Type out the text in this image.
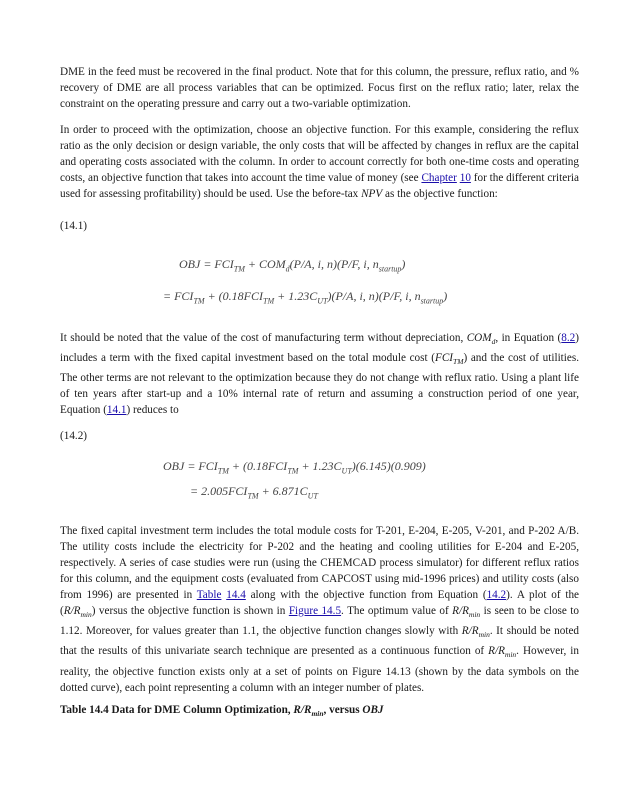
DME in the feed must be recovered in the final product. Note that for this column, the pressure, reflux ratio, and % recovery of DME are all process variables that can be optimized. Focus first on the reflux ratio; later, relax the constraint on the operating pressure and carry out a two-variable optimization.

In order to proceed with the optimization, choose an objective function. For this example, considering the reflux ratio as the only decision or design variable, the only costs that will be affected by changes in reflux are the capital and operating costs associated with the column. In order to account correctly for both one-time costs and operating costs, an objective function that takes into account the time value of money (see Chapter 10 for the different criteria used for assessing profitability) should be used. Use the before-tax NPV as the objective function:

(14.1)
OBJ = $FCI_{TM} + COM_d(P/A$, i, n)(P/F, i, $n_{startup}$)
= $FCI_{TM} + (0.18FCI_{TM} + 1.23C_{UT})(P/A$, i, n)(P/F, i, $n_{startup}$)

It should be noted that the value of the cost of manufacturing term without depreciation, $COM_d$, in Equation (8.2) includes a term with the fixed capital investment based on the total module cost $(FCI_{TM})$ and the cost of utilities. The other terms are not relevant to the optimization because they do not change with reflux ratio. Using a plant life of ten years after start-up and a 10% internal rate of return and assuming a construction period of one year, Equation (14.1) reduces to

(14.2)
OBJ = $FCI_{TM} + (0.18FCI_{TM} + 1.23C_{UT})(6.145)(0.909)$
= $2.005FCI_{TM} + 6.871C_{UT}$

The fixed capital investment term includes the total module costs for T-201, E-204, E-205, V-201, and P-202 A/B. The utility costs include the electricity for P-202 and the heating and cooling utilities for E-204 and E-205, respectively. A series of case studies were run (using the CHEMCAD process simulator) for different reflux ratios for this column, and the equipment costs (evaluated from CAPCOST using mid-1996 prices) and utility costs (also from 1996) are presented in Table 14.4 along with the objective function from Equation (14.2). A plot of the $(R/R_{min})$ versus the objective function is shown in Figure 14.5. The optimum value of $R/R_{min}$ is seen to be close to 1.12. Moreover, for values greater than 1.1, the objective function changes slowly with $R/R_{min}$. It should be noted that the results of this univariate search technique are presented as a continuous function of $R/R_{min}$. However, in reality, the objective function exists only at a set of points on Figure 14.13 (shown by the data symbols on the dotted curve), each point representing a column with an integer number of plates.

Table 14.4 Data for DME Column Optimization, $R/R_{min}$, versus OBJ
